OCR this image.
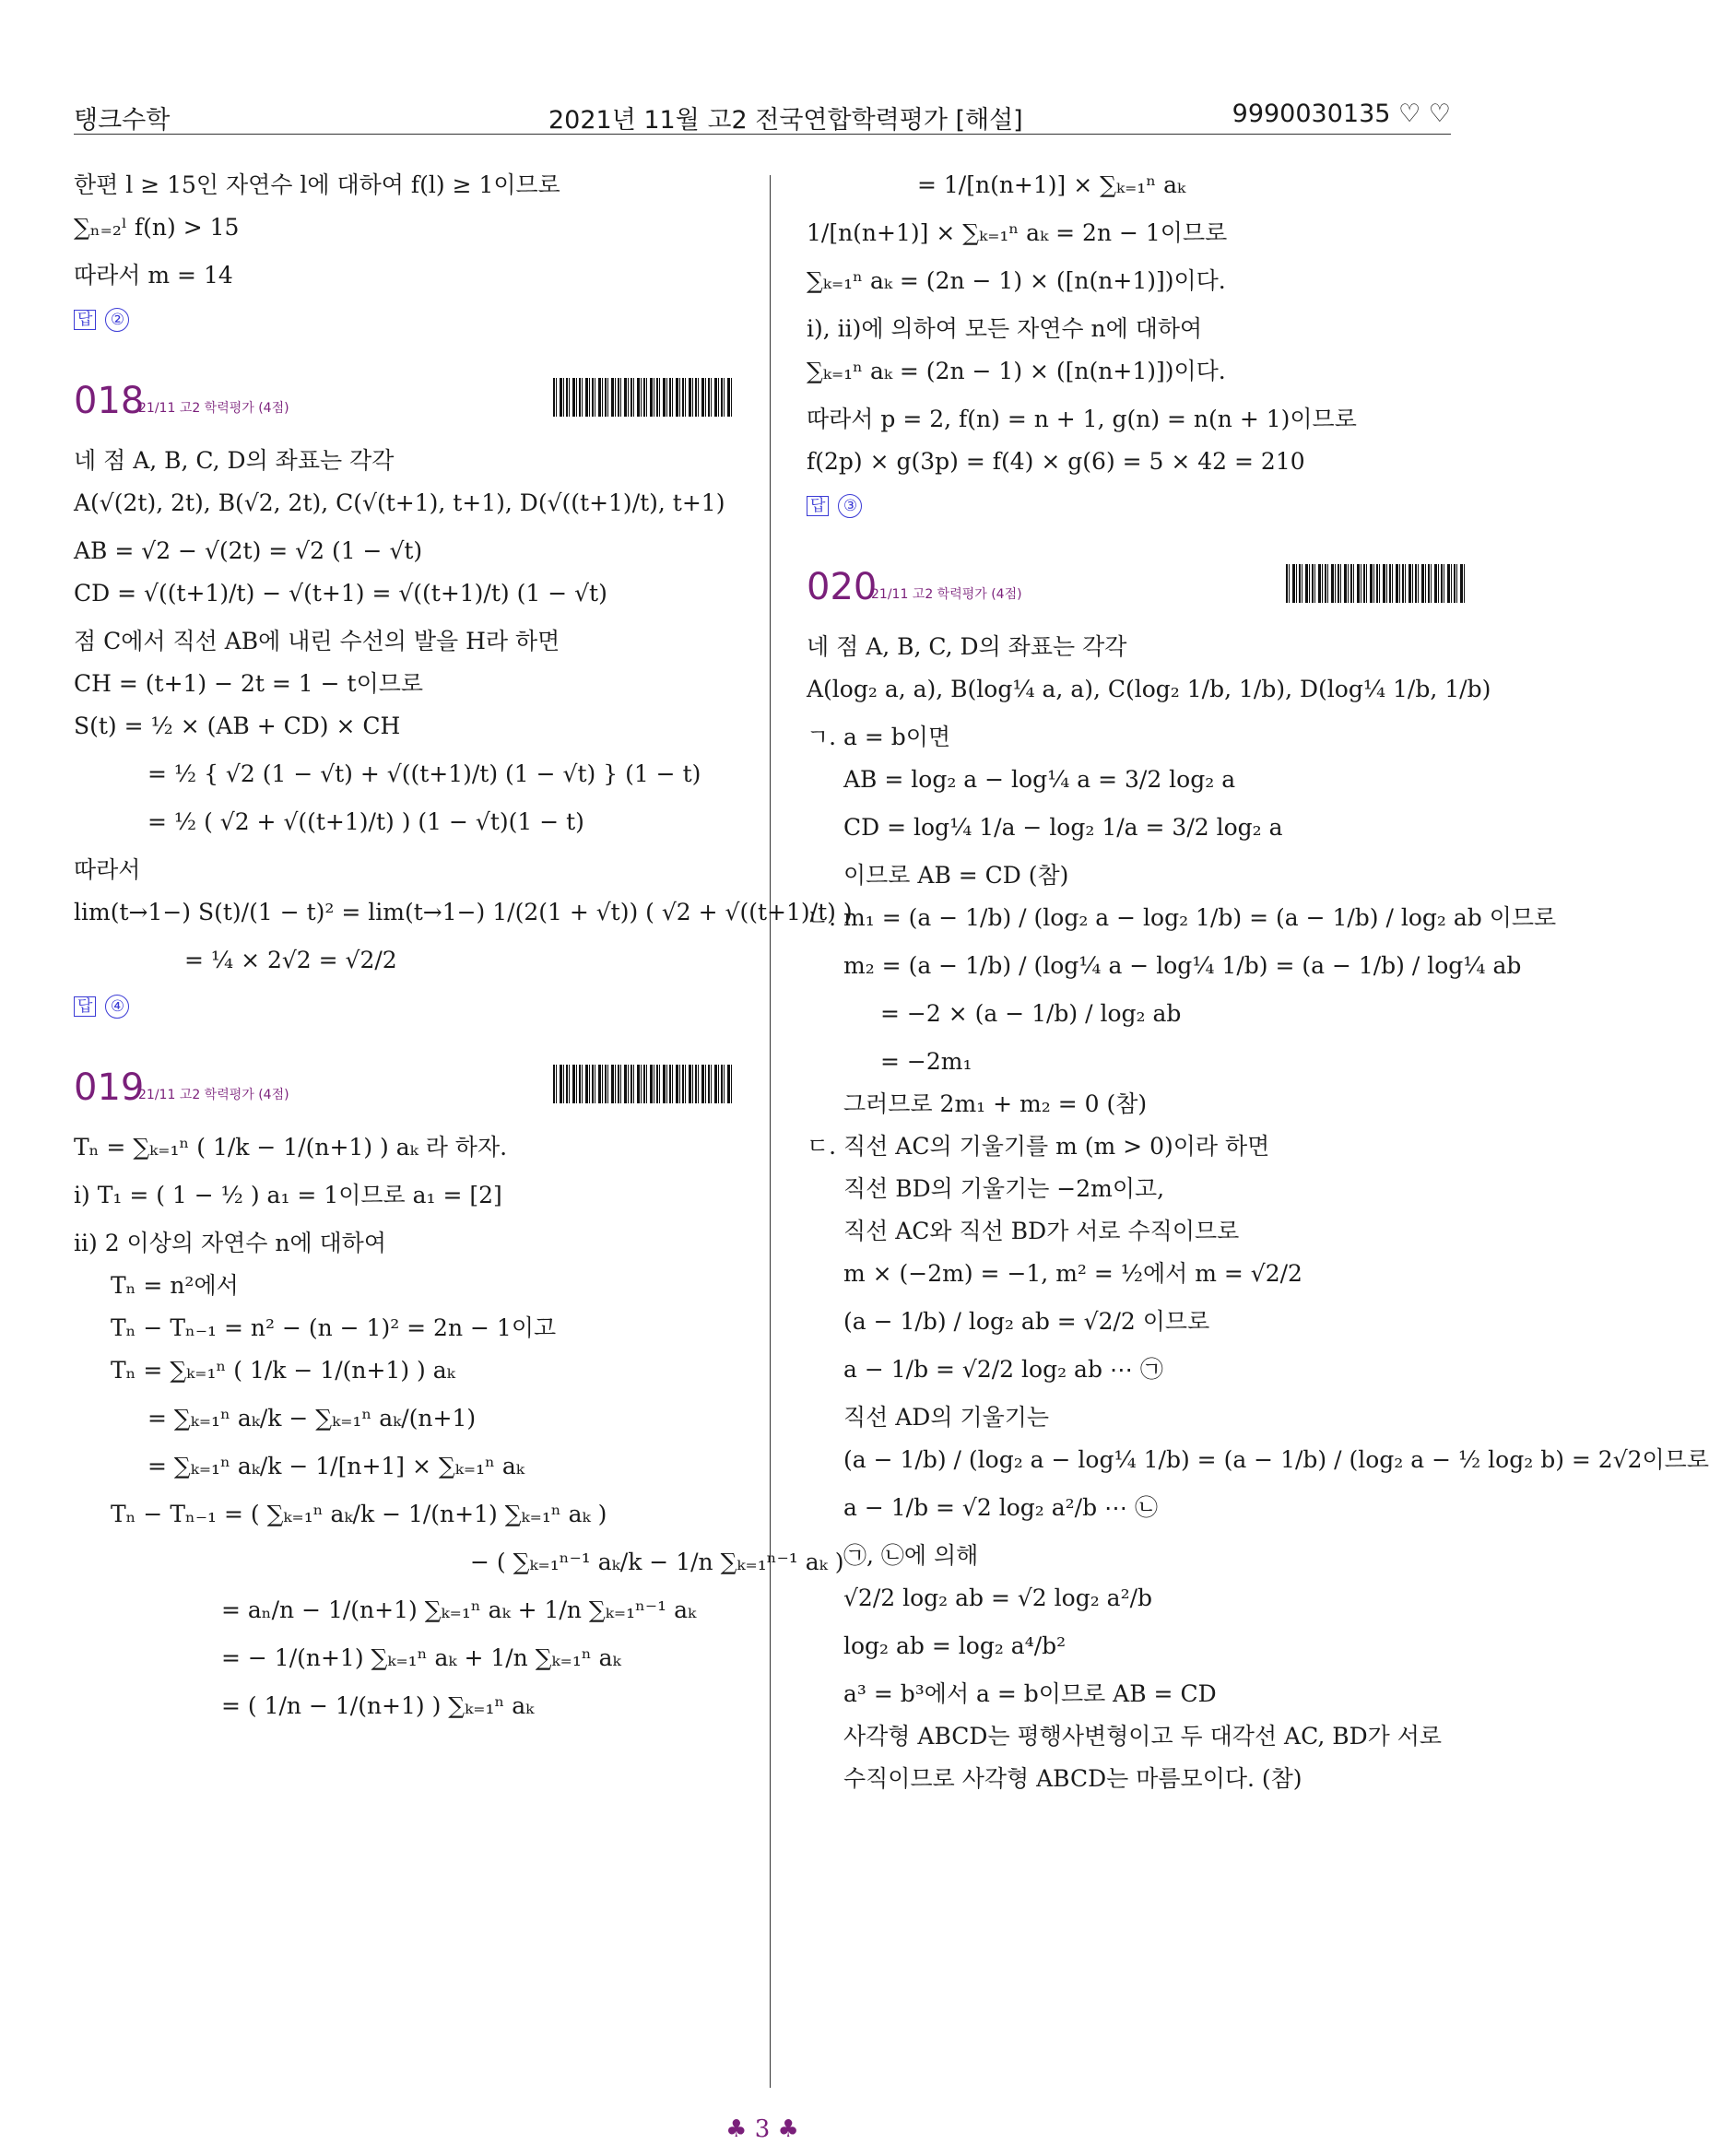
탱크수학	2021년 11월 고2 전국연합학력평가 [해설]	9990030135 ♡ ♡
한편 l ≥ 15인 자연수 l에 대하여 f(l) ≥ 1이므로
∑ₙ₌₂ˡ f(n) > 15
따라서 m = 14
답 ②
018
21/11 고2 학력평가 (4점)
네 점 A, B, C, D의 좌표는 각각
A(√(2t), 2t), B(√2, 2t), C(√(t+1), t+1), D(√((t+1)/t), t+1)
AB = √2 − √(2t) = √2 (1 − √t)
CD = √((t+1)/t) − √(t+1) = √((t+1)/t) (1 − √t)
점 C에서 직선 AB에 내린 수선의 발을 H라 하면
CH = (t+1) − 2t = 1 − t이므로
S(t) = ½ × (AB + CD) × CH
= ½ { √2 (1 − √t) + √((t+1)/t) (1 − √t) } (1 − t)
= ½ ( √2 + √((t+1)/t) ) (1 − √t)(1 − t)
따라서
lim(t→1−) S(t)/(1 − t)² = lim(t→1−) 1/(2(1 + √t)) ( √2 + √((t+1)/t) )
= ¼ × 2√2 = √2/2
답 ④
019
21/11 고2 학력평가 (4점)
Tₙ = ∑ₖ₌₁ⁿ ( 1/k − 1/(n+1) ) aₖ 라 하자.
ⅰ) T₁ = ( 1 − ½ ) a₁ = 1이므로 a₁ = [2]
ⅱ) 2 이상의 자연수 n에 대하여
Tₙ = n²에서
Tₙ − Tₙ₋₁ = n² − (n − 1)² = 2n − 1이고
Tₙ = ∑ₖ₌₁ⁿ ( 1/k − 1/(n+1) ) aₖ
= ∑ₖ₌₁ⁿ aₖ/k − ∑ₖ₌₁ⁿ aₖ/(n+1)
= ∑ₖ₌₁ⁿ aₖ/k − 1/[n+1] × ∑ₖ₌₁ⁿ aₖ
Tₙ − Tₙ₋₁ = ( ∑ₖ₌₁ⁿ aₖ/k − 1/(n+1) ∑ₖ₌₁ⁿ aₖ )
− ( ∑ₖ₌₁ⁿ⁻¹ aₖ/k − 1/n ∑ₖ₌₁ⁿ⁻¹ aₖ )
= aₙ/n − 1/(n+1) ∑ₖ₌₁ⁿ aₖ + 1/n ∑ₖ₌₁ⁿ⁻¹ aₖ
= − 1/(n+1) ∑ₖ₌₁ⁿ aₖ + 1/n ∑ₖ₌₁ⁿ aₖ
= ( 1/n − 1/(n+1) ) ∑ₖ₌₁ⁿ aₖ
= 1/[n(n+1)] × ∑ₖ₌₁ⁿ aₖ
1/[n(n+1)] × ∑ₖ₌₁ⁿ aₖ = 2n − 1이므로
∑ₖ₌₁ⁿ aₖ = (2n − 1) × ([n(n+1)])이다.
ⅰ), ⅱ)에 의하여 모든 자연수 n에 대하여
∑ₖ₌₁ⁿ aₖ = (2n − 1) × ([n(n+1)])이다.
따라서 p = 2, f(n) = n + 1, g(n) = n(n + 1)이므로
f(2p) × g(3p) = f(4) × g(6) = 5 × 42 = 210
답 ③
020
21/11 고2 학력평가 (4점)
네 점 A, B, C, D의 좌표는 각각
A(log₂ a, a), B(log¼ a, a), C(log₂ 1/b, 1/b), D(log¼ 1/b, 1/b)
ㄱ. a = b이면
AB = log₂ a − log¼ a = 3/2 log₂ a
CD = log¼ 1/a − log₂ 1/a = 3/2 log₂ a
이므로 AB = CD (참)
ㄴ. m₁ = (a − 1/b) / (log₂ a − log₂ 1/b) = (a − 1/b) / log₂ ab 이므로
m₂ = (a − 1/b) / (log¼ a − log¼ 1/b) = (a − 1/b) / log¼ ab
= −2 × (a − 1/b) / log₂ ab
= −2m₁
그러므로 2m₁ + m₂ = 0 (참)
ㄷ. 직선 AC의 기울기를 m (m > 0)이라 하면
직선 BD의 기울기는 −2m이고,
직선 AC와 직선 BD가 서로 수직이므로
m × (−2m) = −1, m² = ½에서 m = √2/2
(a − 1/b) / log₂ ab = √2/2 이므로
a − 1/b = √2/2 log₂ ab ⋯ ㉠
직선 AD의 기울기는
(a − 1/b) / (log₂ a − log¼ 1/b) = (a − 1/b) / (log₂ a − ½ log₂ b) = 2√2이므로
a − 1/b = √2 log₂ a²/b ⋯ ㉡
㉠, ㉡에 의해
√2/2 log₂ ab = √2 log₂ a²/b
log₂ ab = log₂ a⁴/b²
a³ = b³에서 a = b이므로 AB = CD
사각형 ABCD는 평행사변형이고 두 대각선 AC, BD가 서로
수직이므로 사각형 ABCD는 마름모이다. (참)
♣ 3 ♣
